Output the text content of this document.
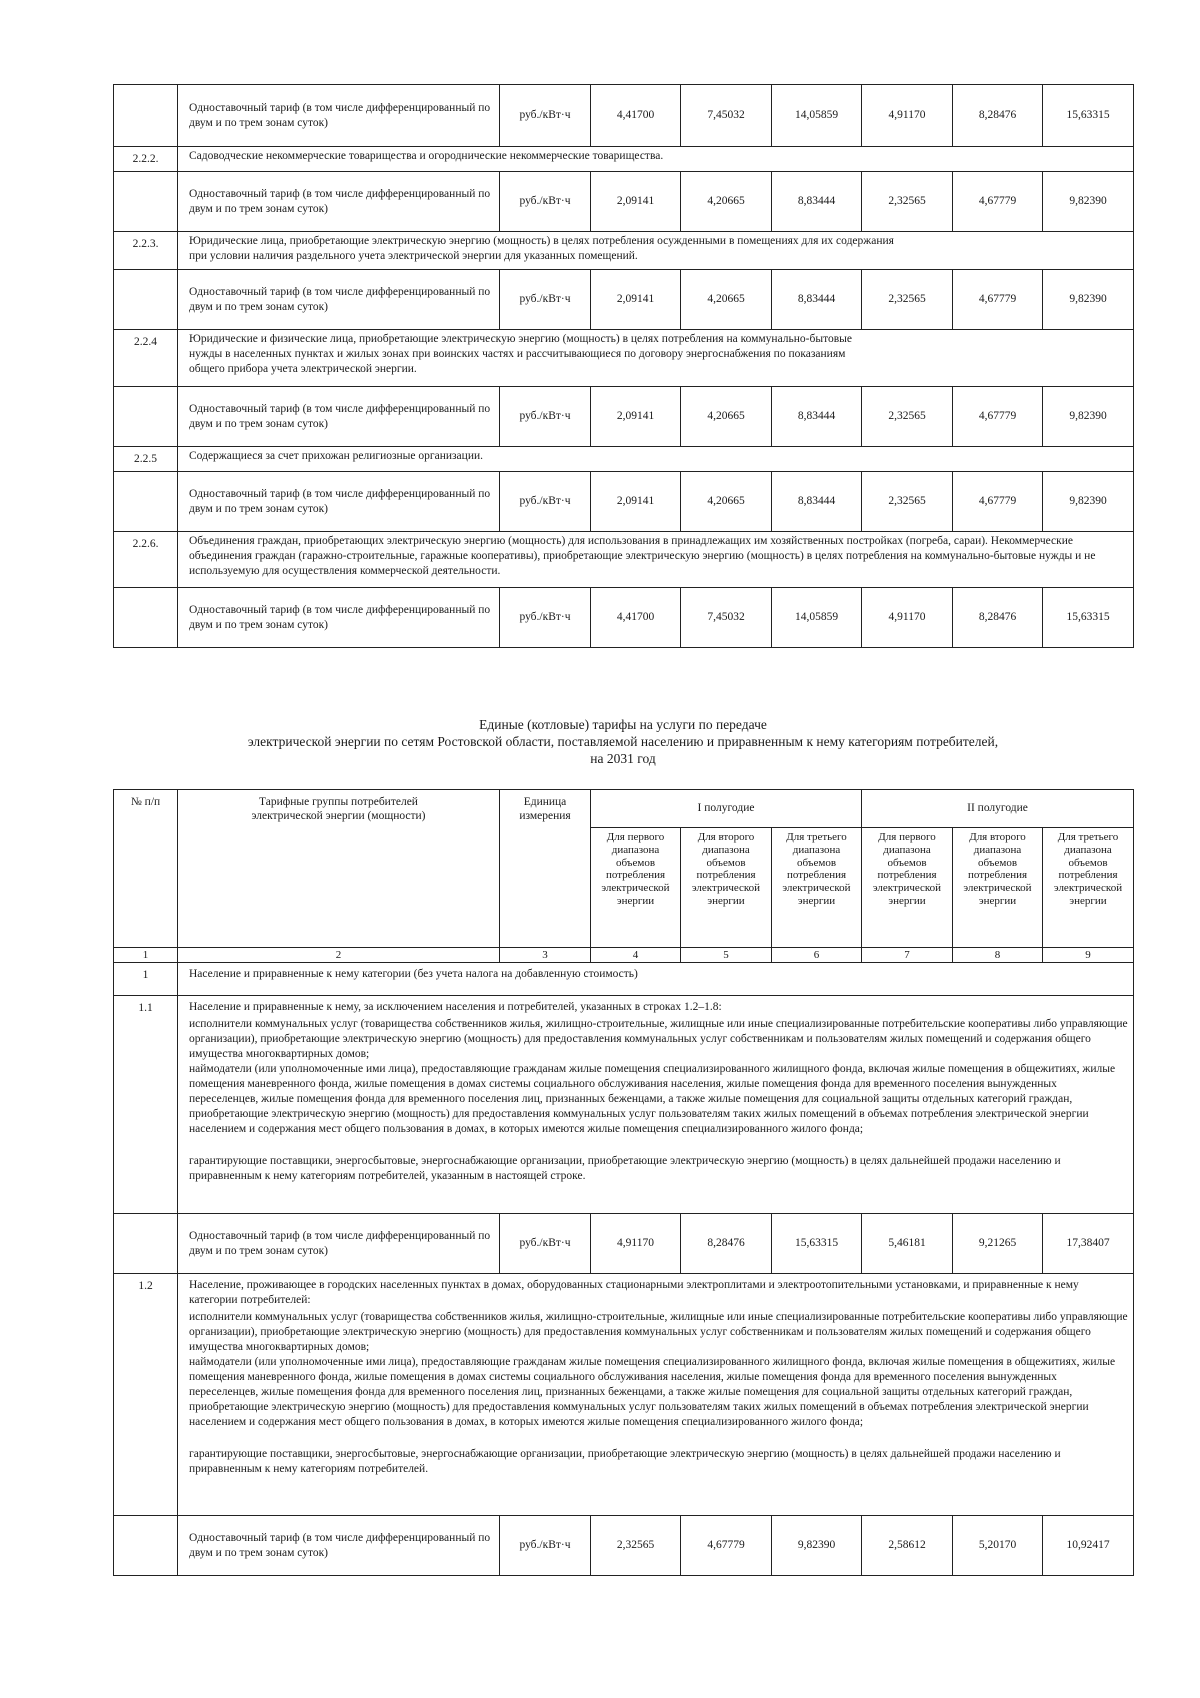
	Одноставочный тариф (в том числе дифференцированный по двум и по трем зонам суток)	руб./кВт·ч	4,41700	7,45032	14,05859	4,91170	8,28476	15,63315
2.2.2.	Садоводческие некоммерческие товарищества и огороднические некоммерческие товарищества.							
	Одноставочный тариф (в том числе дифференцированный по двум и по трем зонам суток)	руб./кВт·ч	2,09141	4,20665	8,83444	2,32565	4,67779	9,82390
2.2.3.	Юридические лица, приобретающие электрическую энергию (мощность) в целях потребления осужденными в помещениях для их содержания при условии наличия раздельного учета электрической энергии для указанных помещений.							
	Одноставочный тариф (в том числе дифференцированный по двум и по трем зонам суток)	руб./кВт·ч	2,09141	4,20665	8,83444	2,32565	4,67779	9,82390
2.2.4	Юридические и физические лица, приобретающие электрическую энергию (мощность) в целях потребления на коммунально-бытовые нужды в населенных пунктах и жилых зонах при воинских частях и рассчитывающиеся по договору энергоснабжения по показаниям общего прибора учета электрической энергии.							
	Одноставочный тариф (в том числе дифференцированный по двум и по трем зонам суток)	руб./кВт·ч	2,09141	4,20665	8,83444	2,32565	4,67779	9,82390
2.2.5	Содержащиеся за счет прихожан религиозные организации.							
	Одноставочный тариф (в том числе дифференцированный по двум и по трем зонам суток)	руб./кВт·ч	2,09141	4,20665	8,83444	2,32565	4,67779	9,82390
2.2.6.	Объединения граждан, приобретающих электрическую энергию (мощность) для использования в принадлежащих им хозяйственных постройках (погреба, сараи). Некоммерческие объединения граждан (гаражно-строительные, гаражные кооперативы), приобретающие электрическую энергию (мощность) в целях потребления на коммунально-бытовые нужды и не используемую для осуществления коммерческой деятельности.							
	Одноставочный тариф (в том числе дифференцированный по двум и по трем зонам суток)	руб./кВт·ч	4,41700	7,45032	14,05859	4,91170	8,28476	15,63315
Единые (котловые) тарифы на услуги по передаче
электрической энергии по сетям Ростовской области, поставляемой населению и приравненным к нему категориям потребителей,
на 2031 год
№ п/п	Тарифные группы потребителей электрической энергии (мощности)	Единица измерения	I полугодие			II полугодие		
			Для первого диапазона объемов потребления электрической энергии	Для второго диапазона объемов потребления электрической энергии	Для третьего диапазона объемов потребления электрической энергии	Для первого диапазона объемов потребления электрической энергии	Для второго диапазона объемов потребления электрической энергии	Для третьего диапазона объемов потребления электрической энергии
1	2	3	4	5	6	7	8	9
1	Население и приравненные к нему категории (без учета налога на добавленную стоимость)							
1.1	Население и приравненные к нему, за исключением населения и потребителей, указанных в строках 1.2–1.8:

исполнители коммунальных услуг (товарищества собственников жилья, жилищно-строительные, жилищные или иные специализированные потребительские кооперативы либо управляющие организации), приобретающие электрическую энергию (мощность) для предоставления коммунальных услуг собственникам и пользователям жилых помещений и содержания общего имущества многоквартирных домов;

наймодатели (или уполномоченные ими лица), предоставляющие гражданам жилые помещения специализированного жилищного фонда, включая жилые помещения в общежитиях, жилые помещения маневренного фонда, жилые помещения в домах системы социального обслуживания населения, жилые помещения фонда для временного поселения вынужденных переселенцев, жилые помещения фонда для временного поселения лиц, признанных беженцами, а также жилые помещения для социальной защиты отдельных категорий граждан, приобретающие электрическую энергию (мощность) для предоставления коммунальных услуг пользователям таких жилых помещений в объемах потребления электрической энергии населением и содержания мест общего пользования в домах, в которых имеются жилые помещения специализированного жилого фонда;

гарантирующие поставщики, энергосбытовые, энергоснабжающие организации, приобретающие электрическую энергию (мощность) в целях дальнейшей продажи населению и приравненным к нему категориям потребителей, указанным в настоящей строке.							

	Одноставочный тариф (в том числе дифференцированный по двум и по трем зонам суток)	руб./кВт·ч	4,91170	8,28476	15,63315	5,46181	9,21265	17,38407
1.2	Население, проживающее в городских населенных пунктах в домах, оборудованных стационарными электроплитами и электроотопительными установками, и приравненные к нему категории потребителей:

исполнители коммунальных услуг (товарищества собственников жилья, жилищно-строительные, жилищные или иные специализированные потребительские кооперативы либо управляющие организации), приобретающие электрическую энергию (мощность) для предоставления коммунальных услуг собственникам и пользователям жилых помещений и содержания общего имущества многоквартирных домов;

наймодатели (или уполномоченные ими лица), предоставляющие гражданам жилые помещения специализированного жилищного фонда, включая жилые помещения в общежитиях, жилые помещения маневренного фонда, жилые помещения в домах системы социального обслуживания населения, жилые помещения фонда для временного поселения вынужденных переселенцев, жилые помещения фонда для временного поселения лиц, признанных беженцами, а также жилые помещения для социальной защиты отдельных категорий граждан, приобретающие электрическую энергию (мощность) для предоставления коммунальных услуг пользователям таких жилых помещений в объемах потребления электрической энергии населением и содержания мест общего пользования в домах, в которых имеются жилые помещения специализированного жилого фонда;

гарантирующие поставщики, энергосбытовые, энергоснабжающие организации, приобретающие электрическую энергию (мощность) в целях дальнейшей продажи населению и приравненным к нему категориям потребителей.							

	Одноставочный тариф (в том числе дифференцированный по двум и по трем зонам суток)	руб./кВт·ч	2,32565	4,67779	9,82390	2,58612	5,20170	10,92417
